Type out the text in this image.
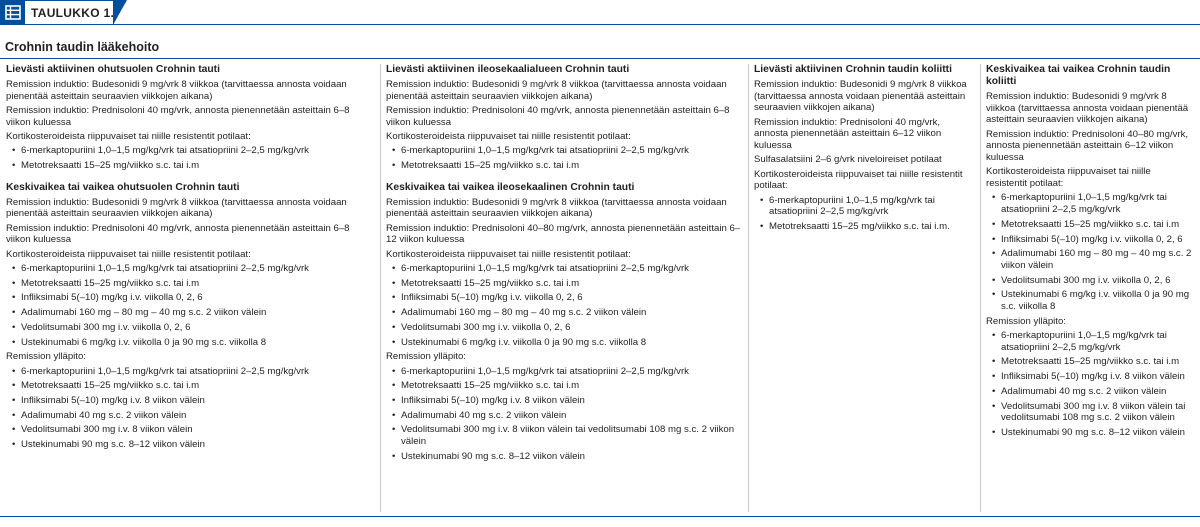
TAULUKKO 1.
Crohnin taudin lääkehoito
Lievästi aktiivinen ohutsuolen Crohnin tauti

Remission induktio: Budesonidi 9 mg/vrk 8 viikkoa (tarvittaessa annosta voidaan pienentää asteittain seuraavien viikkojen aikana)

Remission induktio: Prednisoloni 40 mg/vrk, annosta pienennetään asteittain 6–8 viikon kuluessa

Kortikosteroideista riippuvaiset tai niille resistentit potilaat:

• 6-merkaptopuriini 1,0–1,5 mg/kg/vrk tai atsatiopriini 2–2,5 mg/kg/vrk
• Metotreksaatti 15–25 mg/viikko s.c. tai i.m
Keskivaikea tai vaikea ohutsuolen Crohnin tauti

Remission induktio: Budesonidi 9 mg/vrk 8 viikkoa (tarvittaessa annosta voidaan pienentää asteittain seuraavien viikkojen aikana)

Remission induktio: Prednisoloni 40 mg/vrk, annosta pienennetään asteittain 6–8 viikon kuluessa

Kortikosteroideista riippuvaiset tai niille resistentit potilaat:

• 6-merkaptopuriini 1,0–1,5 mg/kg/vrk tai atsatiopriini 2–2,5 mg/kg/vrk
• Metotreksaatti 15–25 mg/viikko s.c. tai i.m
• Infliksimabi 5(–10) mg/kg i.v. viikolla 0, 2, 6
• Adalimumabi 160 mg – 80 mg – 40 mg s.c. 2 viikon välein
• Vedolitsumabi 300 mg i.v. viikolla 0, 2, 6
• Ustekinumabi 6 mg/kg i.v. viikolla 0 ja 90 mg s.c. viikolla 8

Remission ylläpito:

• 6-merkaptopuriini 1,0–1,5 mg/kg/vrk tai atsatiopriini 2–2,5 mg/kg/vrk
• Metotreksaatti 15–25 mg/viikko s.c. tai i.m
• Infliksimabi 5(–10) mg/kg i.v. 8 viikon välein
• Adalimumabi 40 mg s.c. 2 viikon välein
• Vedolitsumabi 300 mg i.v. 8 viikon välein
• Ustekinumabi 90 mg s.c. 8–12 viikon välein
Lievästi aktiivinen ileosekaalialueen Crohnin tauti

Remission induktio: Budesonidi 9 mg/vrk 8 viikkoa (tarvittaessa annosta voidaan pienentää asteittain seuraavien viikkojen aikana)

Remission induktio: Prednisoloni 40 mg/vrk, annosta pienennetään asteittain 6–8 viikon kuluessa

Kortikosteroideista riippuvaiset tai niille resistentit potilaat:

• 6-merkaptopuriini 1,0–1,5 mg/kg/vrk tai atsatiopriini 2–2,5 mg/kg/vrk
• Metotreksaatti 15–25 mg/viikko s.c. tai i.m
Keskivaikea tai vaikea ileosekaalinen Crohnin tauti

Remission induktio: Budesonidi 9 mg/vrk 8 viikkoa (tarvittaessa annosta voidaan pienentää asteittain seuraavien viikkojen aikana)

Remission induktio: Prednisoloni 40–80 mg/vrk, annosta pienennetään asteittain 6–12 viikon kuluessa

Kortikosteroideista riippuvaiset tai niille resistentit potilaat:

• 6-merkaptopuriini 1,0–1,5 mg/kg/vrk tai atsatiopriini 2–2,5 mg/kg/vrk
• Metotreksaatti 15–25 mg/viikko s.c. tai i.m
• Infliksimabi 5(–10) mg/kg i.v. viikolla 0, 2, 6
• Adalimumabi 160 mg – 80 mg – 40 mg s.c. 2 viikon välein
• Vedolitsumabi 300 mg i.v. viikolla 0, 2, 6
• Ustekinumabi 6 mg/kg i.v. viikolla 0 ja 90 mg s.c. viikolla 8

Remission ylläpito:

• 6-merkaptopuriini 1,0–1,5 mg/kg/vrk tai atsatiopriini 2–2,5 mg/kg/vrk
• Metotreksaatti 15–25 mg/viikko s.c. tai i.m
• Infliksimabi 5(–10) mg/kg i.v. 8 viikon välein
• Adalimumabi 40 mg s.c. 2 viikon välein
• Vedolitsumabi 300 mg i.v. 8 viikon välein tai vedolitsumabi 108 mg s.c. 2 viikon välein
• Ustekinumabi 90 mg s.c. 8–12 viikon välein
Lievästi aktiivinen Crohnin taudin koliitti

Remission induktio: Budesonidi 9 mg/vrk 8 viikkoa (tarvittaessa annosta voidaan pienentää asteittain seuraavien viikkojen aikana)

Remission induktio: Prednisoloni 40 mg/vrk, annosta pienennetään asteittain 6–12 viikon kuluessa

Sulfasalatsiini 2–6 g/vrk niveloireiset potilaat

Kortikosteroideista riippuvaiset tai niille resistentit potilaat:

• 6-merkaptopuriini 1,0–1,5 mg/kg/vrk tai atsatiopriini 2–2,5 mg/kg/vrk
• Metotreksaatti 15–25 mg/viikko s.c. tai i.m.
Keskivaikea tai vaikea Crohnin taudin koliitti

Remission induktio: Budesonidi 9 mg/vrk 8 viikkoa (tarvittaessa annosta voidaan pienentää asteittain seuraavien viikkojen aikana)

Remission induktio: Prednisoloni 40–80 mg/vrk, annosta pienennetään asteittain 6–12 viikon kuluessa

Kortikosteroideista riippuvaiset tai niille resistentit potilaat:

• 6-merkaptopuriini 1,0–1,5 mg/kg/vrk tai atsatiopriini 2–2,5 mg/kg/vrk
• Metotreksaatti 15–25 mg/viikko s.c. tai i.m
• Infliksimabi 5(–10) mg/kg i.v. viikolla 0, 2, 6
• Adalimumabi 160 mg – 80 mg – 40 mg s.c. 2 viikon välein
• Vedolitsumabi 300 mg i.v. viikolla 0, 2, 6
• Ustekinumabi 6 mg/kg i.v. viikolla 0 ja 90 mg s.c. viikolla 8

Remission ylläpito:

• 6-merkaptopuriini 1,0–1,5 mg/kg/vrk tai atsatiopriini 2–2,5 mg/kg/vrk
• Metotreksaatti 15–25 mg/viikko s.c. tai i.m
• Infliksimabi 5(–10) mg/kg i.v. 8 viikon välein
• Adalimumabi 40 mg s.c. 2 viikon välein
• Vedolitsumabi 300 mg i.v. 8 viikon välein tai vedolitsumabi 108 mg s.c. 2 viikon välein
• Ustekinumabi 90 mg s.c. 8–12 viikon välein
